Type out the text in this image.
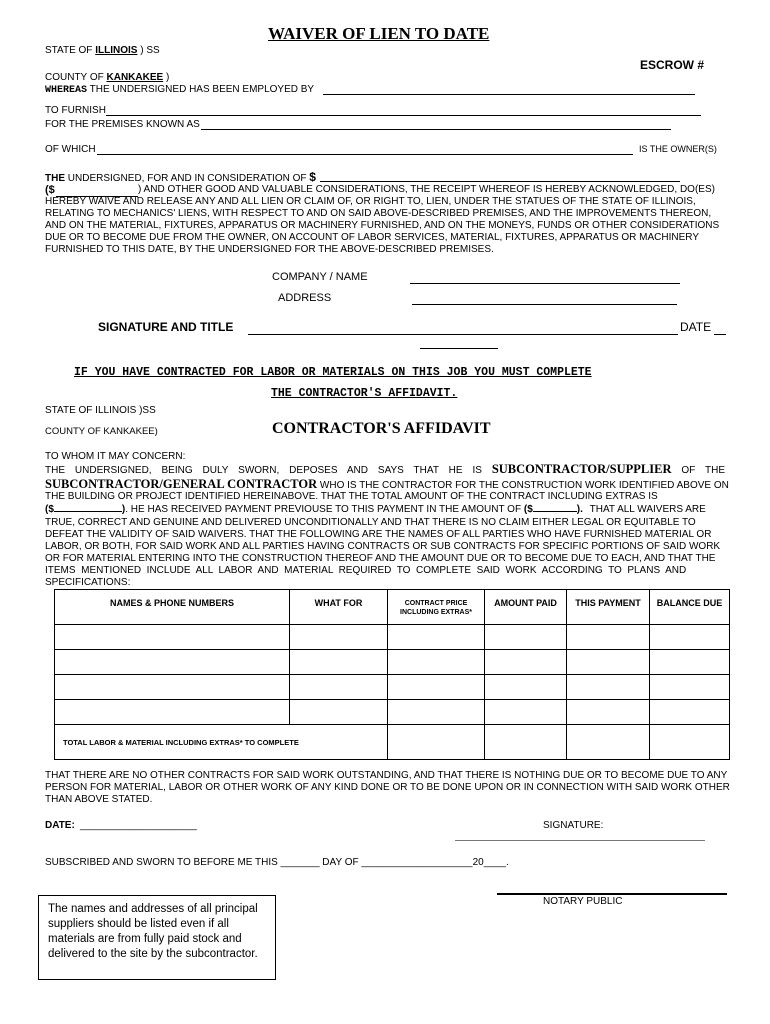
WAIVER OF LIEN TO DATE
STATE OF ILLINOIS ) SS
ESCROW #
COUNTY OF KANKAKEE )
WHEREAS THE UNDERSIGNED HAS BEEN EMPLOYED BY
TO FURNISH
FOR THE PREMISES KNOWN AS
OF WHICH	IS THE OWNER(S)
THE UNDERSIGNED, FOR AND IN CONSIDERATION OF $
($	) AND OTHER GOOD AND VALUABLE CONSIDERATIONS, THE RECEIPT WHEREOF IS HEREBY ACKNOWLEDGED, DO(ES)
HEREBY WAIVE AND RELEASE ANY AND ALL LIEN OR CLAIM OF, OR RIGHT TO, LIEN, UNDER THE STATUES OF THE STATE OF ILLINOIS,
RELATING TO MECHANICS' LIENS, WITH RESPECT TO AND ON SAID ABOVE-DESCRIBED PREMISES, AND THE IMPROVEMENTS THEREON,
AND ON THE MATERIAL, FIXTURES, APPARATUS OR MACHINERY FURNISHED, AND ON THE MONEYS, FUNDS OR OTHER CONSIDERATIONS
DUE OR TO BECOME DUE FROM THE OWNER, ON ACCOUNT OF LABOR SERVICES, MATERIAL, FIXTURES, APPARATUS OR MACHINERY
FURNISHED TO THIS DATE, BY THE UNDERSIGNED FOR THE ABOVE-DESCRIBED PREMISES.
COMPANY / NAME
ADDRESS
SIGNATURE AND TITLE	DATE
IF YOU HAVE CONTRACTED FOR LABOR OR MATERIALS ON THIS JOB YOU MUST COMPLETE
THE CONTRACTOR'S AFFIDAVIT.
STATE OF ILLINOIS )SS
COUNTY OF KANKAKEE)	CONTRACTOR'S AFFIDAVIT
TO WHOM IT MAY CONCERN:
THE UNDERSIGNED, BEING DULY SWORN, DEPOSES AND SAYS THAT HE IS SUBCONTRACTOR/SUPPLIER OF THE
SUBCONTRACTOR/GENERAL CONTRACTOR WHO IS THE CONTRACTOR FOR THE CONSTRUCTION WORK IDENTIFIED ABOVE ON
THE BUILDING OR PROJECT IDENTIFIED HEREINABOVE. THAT THE TOTAL AMOUNT OF THE CONTRACT INCLUDING EXTRAS IS
($	). HE HAS RECEIVED PAYMENT PREVIOUSE TO THIS PAYMENT IN THE AMOUNT OF ($	). THAT ALL WAIVERS ARE
TRUE, CORRECT AND GENUINE AND DELIVERED UNCONDITIONALLY AND THAT THERE IS NO CLAIM EITHER LEGAL OR EQUITABLE TO
DEFEAT THE VALIDITY OF SAID WAIVERS. THAT THE FOLLOWING ARE THE NAMES OF ALL PARTIES WHO HAVE FURNISHED MATERIAL OR
LABOR, OR BOTH, FOR SAID WORK AND ALL PARTIES HAVING CONTRACTS OR SUB CONTRACTS FOR SPECIFIC PORTIONS OF SAID WORK
OR FOR MATERIAL ENTERING INTO THE CONSTRUCTION THEREOF AND THE AMOUNT DUE OR TO BECOME DUE TO EACH, AND THAT THE
ITEMS  MENTIONED  INCLUDE  ALL  LABOR  AND  MATERIAL  REQUIRED  TO  COMPLETE  SAID  WORK  ACCORDING  TO  PLANS  AND
SPECIFICATIONS:
NAMES & PHONE NUMBERS	WHAT FOR	CONTRACT PRICE INCLUDING EXTRAS*	AMOUNT PAID	THIS PAYMENT	BALANCE DUE

TOTAL LABOR & MATERIAL INCLUDING EXTRAS* TO COMPLETE					
THAT THERE ARE NO OTHER CONTRACTS FOR SAID WORK OUTSTANDING, AND THAT THERE IS NOTHING DUE OR TO BECOME DUE TO ANY
PERSON FOR MATERIAL, LABOR OR OTHER WORK OF ANY KIND DONE OR TO BE DONE UPON OR IN CONNECTION WITH SAID WORK OTHER
THAN ABOVE STATED.
DATE: _____________________	SIGNATURE:
SUBSCRIBED AND SWORN TO BEFORE ME THIS _______ DAY OF ____________________20____.
NOTARY PUBLIC
The names and addresses of all principal suppliers should be listed even if all materials are from fully paid stock and delivered to the site by the subcontractor.
